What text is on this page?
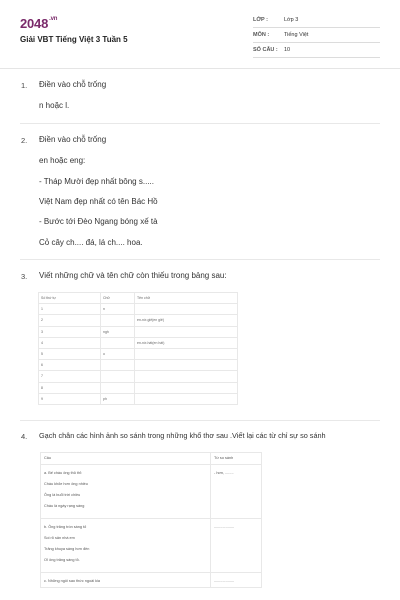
$2048^{.vn}$
Giải VBT Tiếng Việt 3 Tuần 5
LỚP :	Lớp 3
MÔN :	Tiếng Việt
SỐ CÂU : 10
1. Điền vào chỗ trống
n hoặc l.
2. Điền vào chỗ trống
en hoặc eng:
- Tháp Mười đẹp nhất bông s.....
Việt Nam đẹp nhất có tên Bác Hồ
- Bước tới Đèo Ngang bóng xế tà
Cỏ cây ch.... đá, lá ch.... hoa.
3. Viết những chữ và tên chữ còn thiếu trong bảng sau:
Số thứ tự	Chữ	Tên chữ
1	n	
2		en-nờ-giê(en giê)
3	ngh	
4		en-nờ-hát(en hát)
5	o	
6		
7		
8		
9	ph	
4. Gạch chân các hình ảnh so sánh trong những khổ thơ sau .Viết lại các từ chỉ sự so sánh
Câu	Từ so sánh

a. Bế cháu ông thủ thỉ:
Cháu khỏe hơn ông nhiều
Ông là buổi trời chiều
Cháu là ngày rạng sáng	- hơn, ........

b. Ông trăng tròn sáng tỏ
Soi rõ sân nhà em
Trăng khuya sáng hơn đèn
Ơi ông trăng sáng tỏ.	...................

c. Những ngôi sao thức ngoài kia	...................
